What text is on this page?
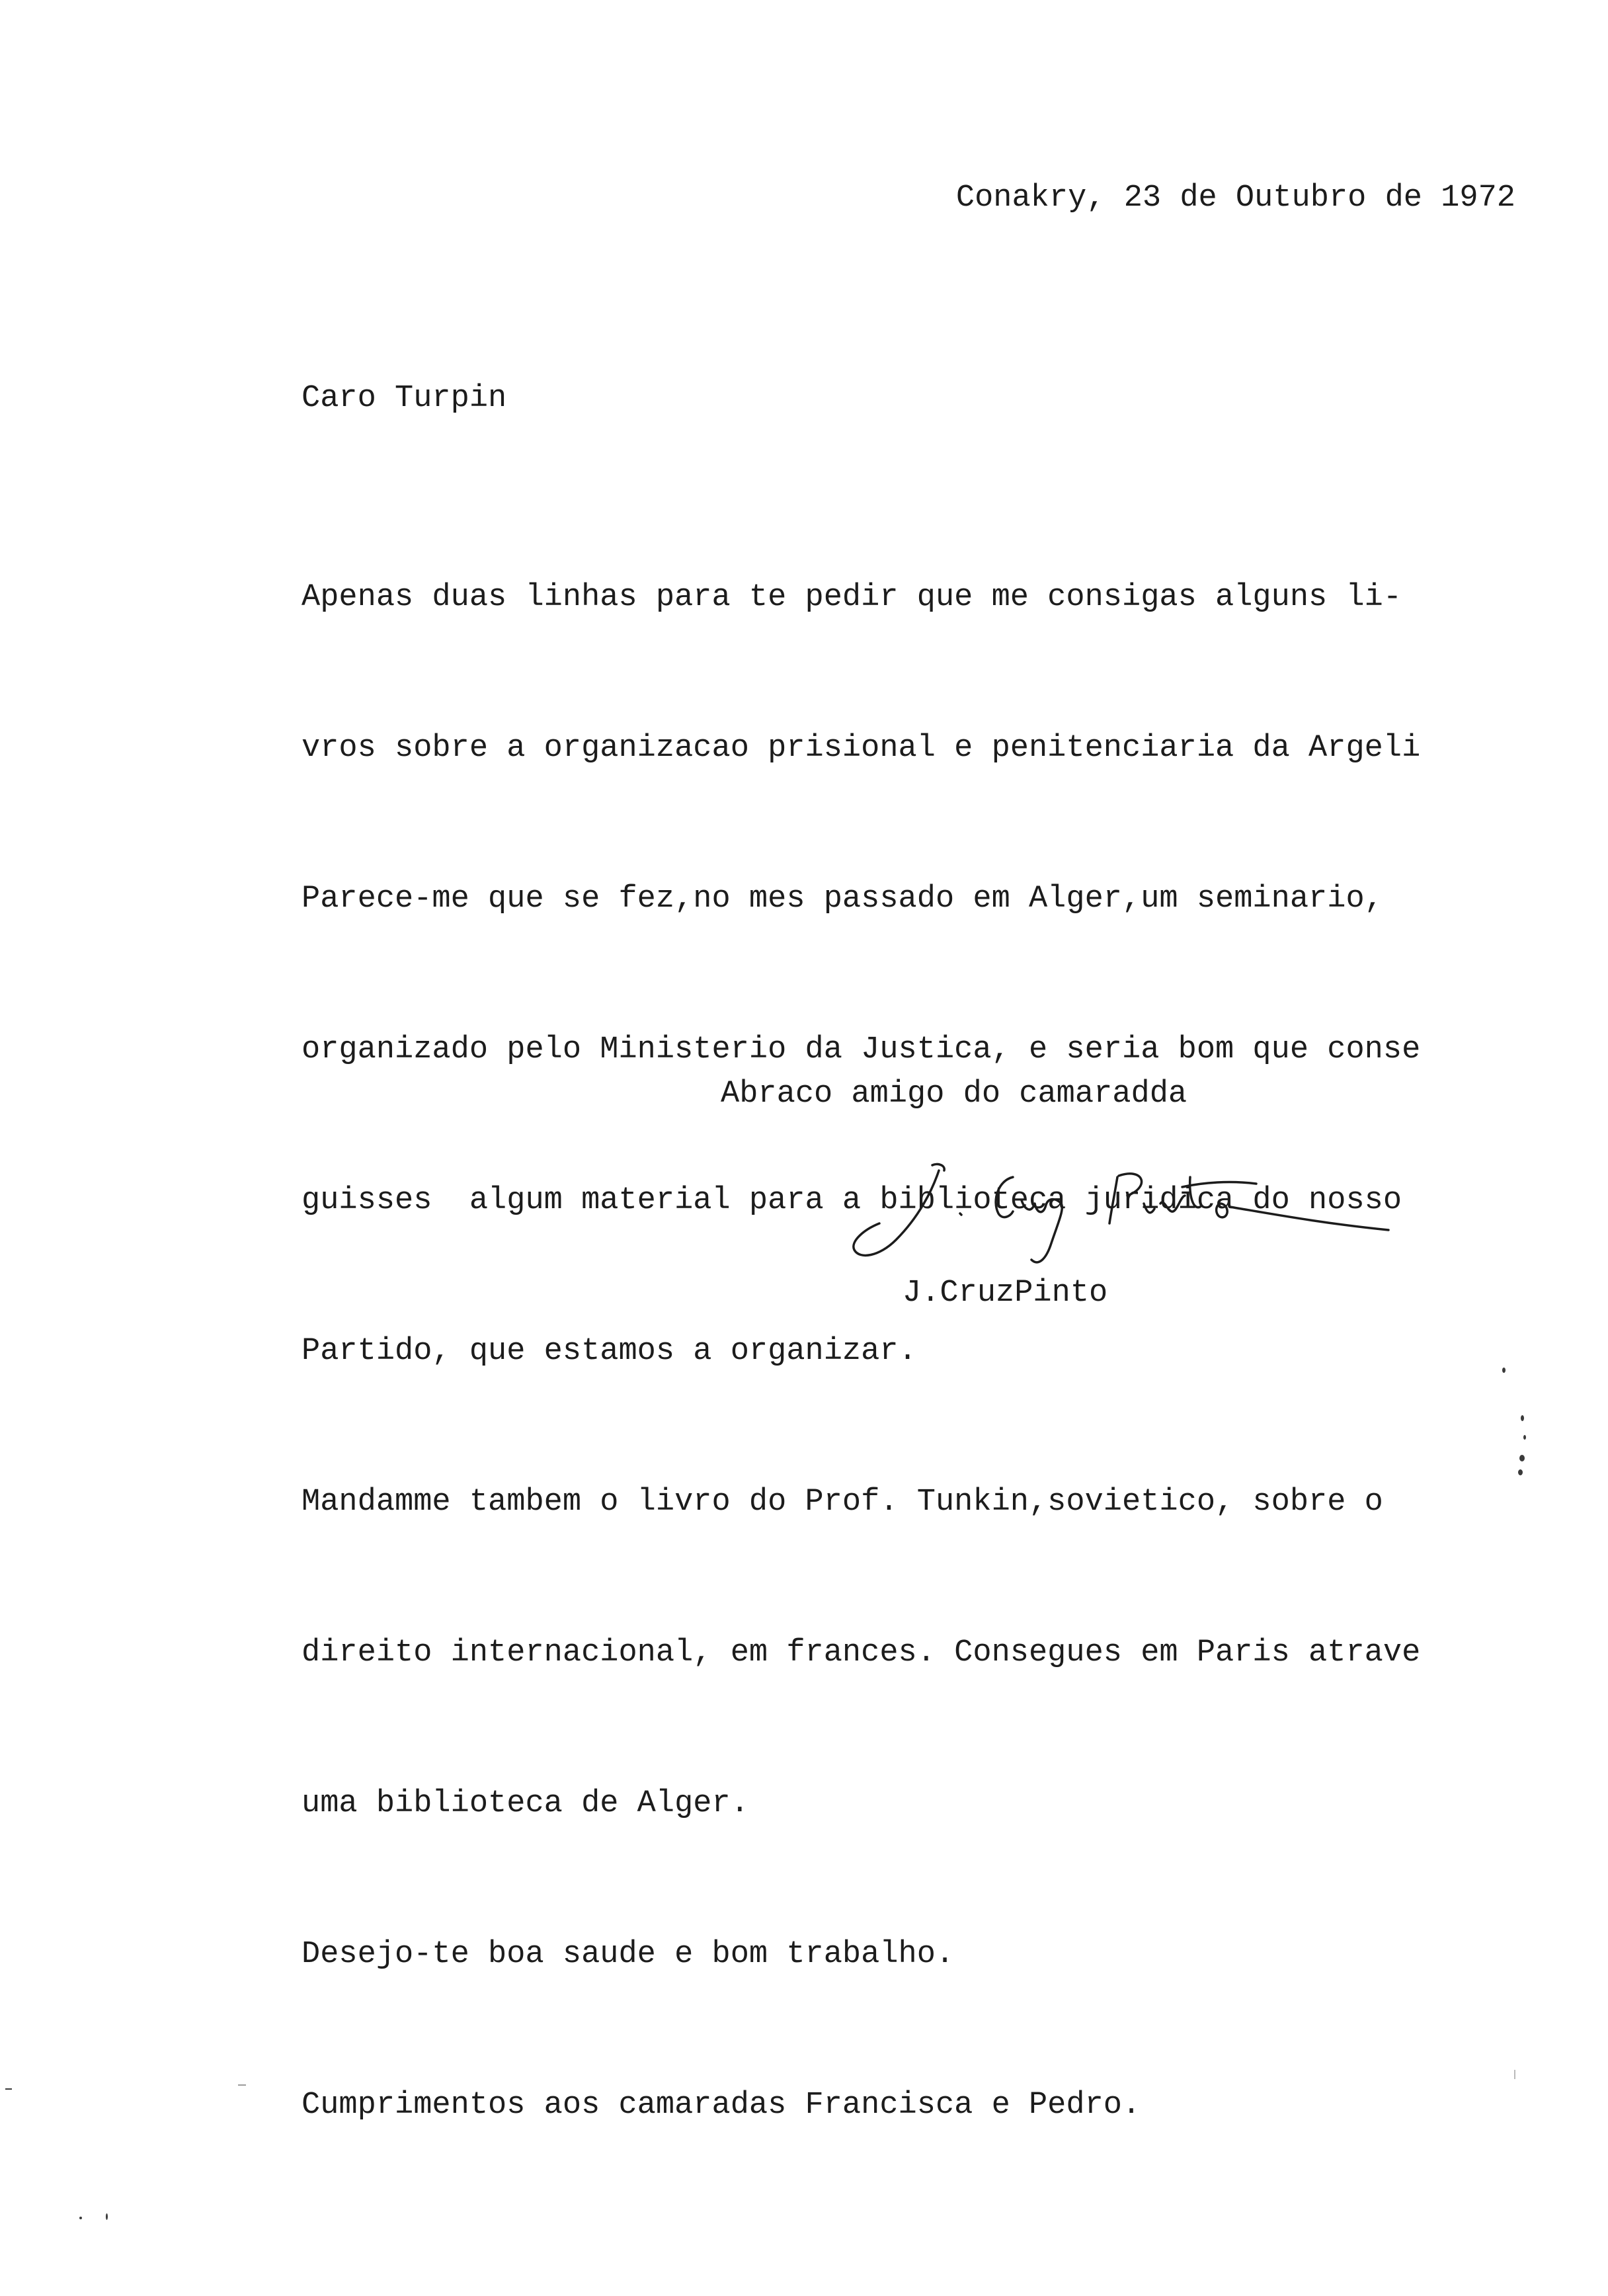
Conakry, 23 de Outubro de 1972
Caro Turpin

Apenas duas linhas para te pedir que me consigas alguns li-

vros sobre a organizacao prisional e penitenciaria da Argeli

Parece-me que se fez,no mes passado em Alger,um seminario,

organizado pelo Ministerio da Justica, e seria bom que conse

guisses  algum material para a biblioteca juridica do nosso

Partido, que estamos a organizar.

Mandamme tambem o livro do Prof. Tunkin,sovietico, sobre o

direito internacional, em frances. Consegues em Paris atrave

uma biblioteca de Alger.

Desejo-te boa saude e bom trabalho.

Cumprimentos aos camaradas Francisca e Pedro.

Abraco amigo do camaradda
J.CruzPinto
